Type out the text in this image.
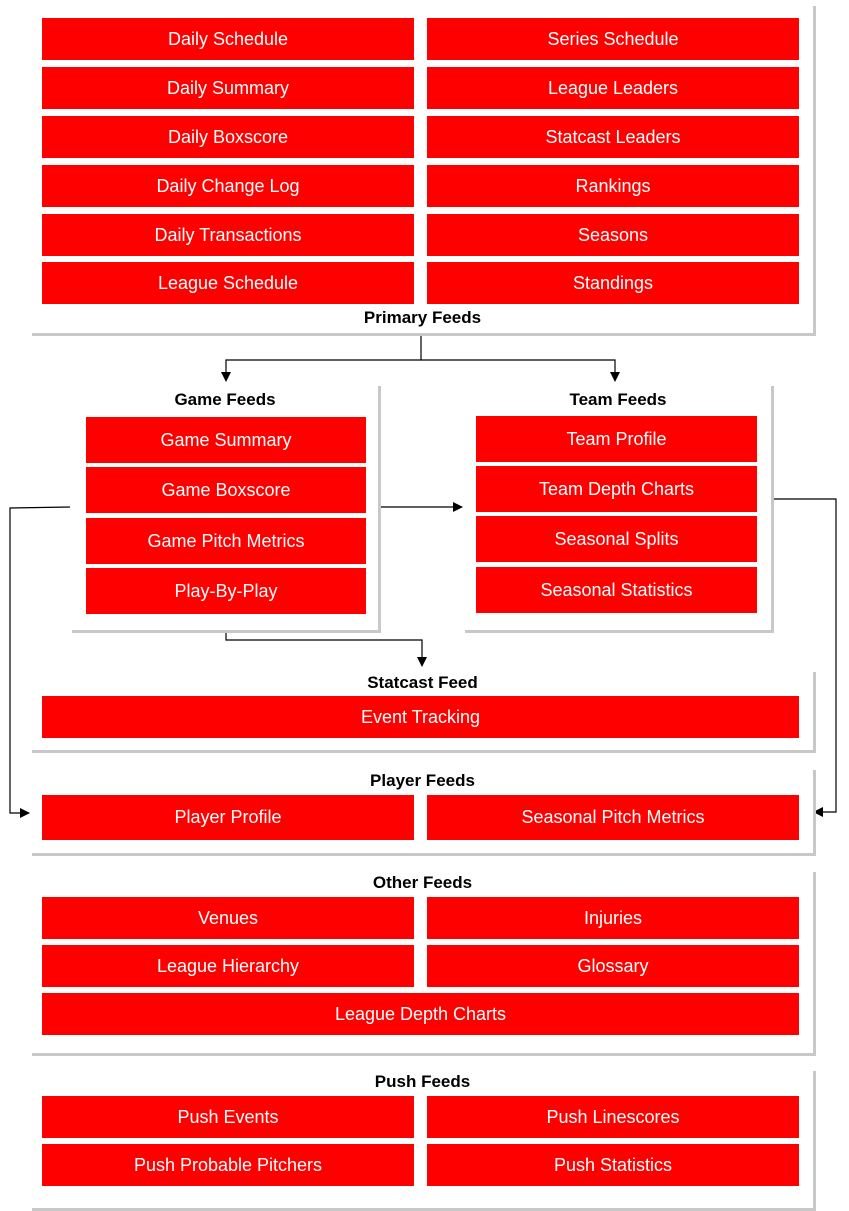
Daily Schedule	Series Schedule
Daily Summary	League Leaders
Daily Boxscore	Statcast Leaders
Daily Change Log	Rankings
Daily Transactions	Seasons
League Schedule	Standings
Primary Feeds
Game Feeds
Game Summary
Game Boxscore
Game Pitch Metrics
Play-By-Play
Team Feeds
Team Profile
Team Depth Charts
Seasonal Splits
Seasonal Statistics
Statcast Feed
Event Tracking
Player Feeds
Player Profile	Seasonal Pitch Metrics
Other Feeds
Venues	Injuries
League Hierarchy	Glossary
League Depth Charts
Push Feeds
Push Events	Push Linescores
Push Probable Pitchers	Push Statistics
